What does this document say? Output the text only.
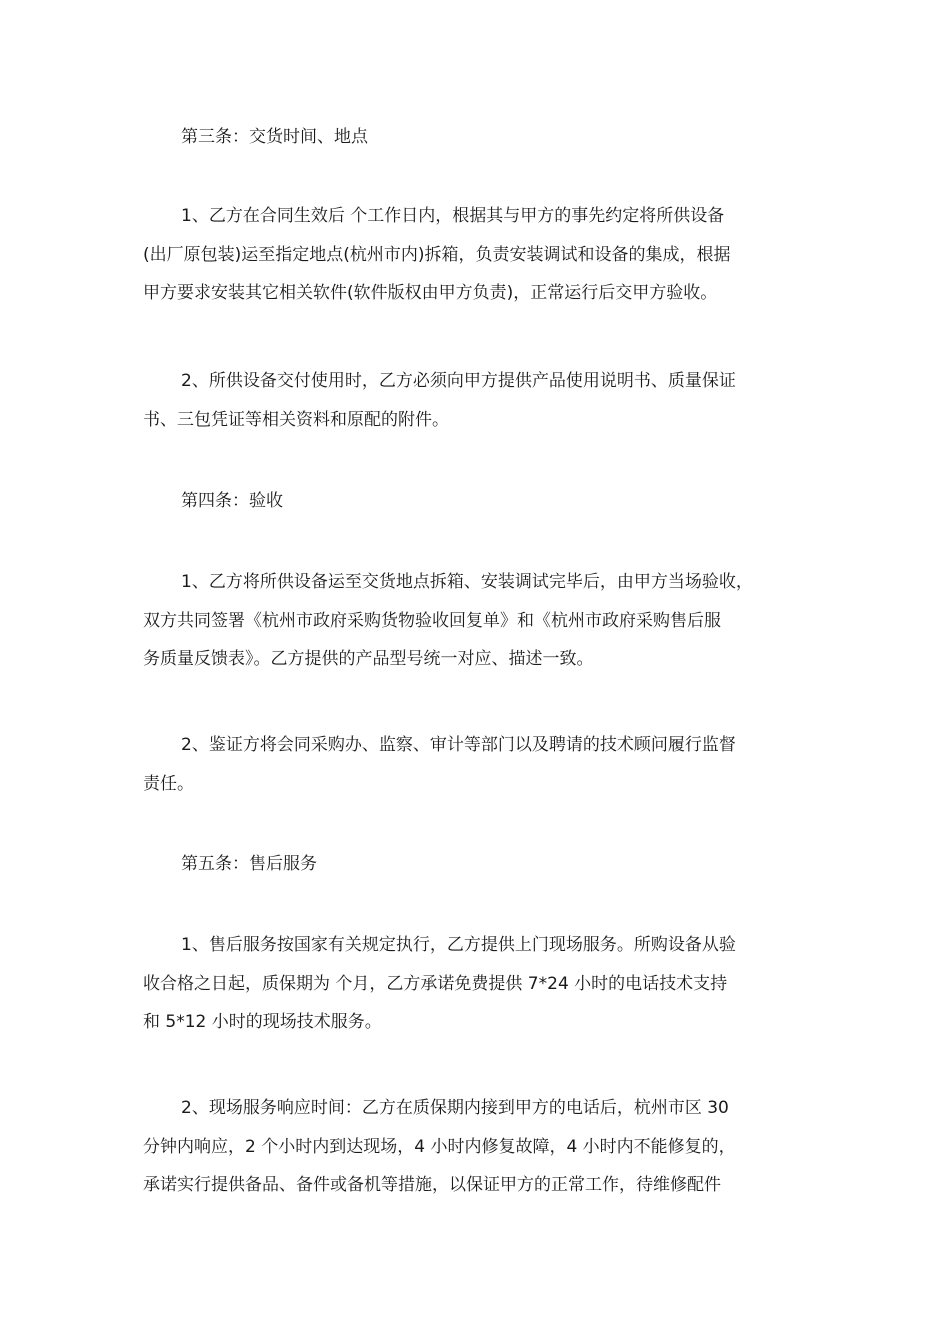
第三条：交货时间、地点

1、乙方在合同生效后 个工作日内，根据其与甲方的事先约定将所供设备
(出厂原包装)运至指定地点(杭州市内)拆箱，负责安装调试和设备的集成，根据
甲方要求安装其它相关软件(软件版权由甲方负责)，正常运行后交甲方验收。

2、所供设备交付使用时，乙方必须向甲方提供产品使用说明书、质量保证
书、三包凭证等相关资料和原配的附件。

第四条：验收

1、乙方将所供设备运至交货地点拆箱、安装调试完毕后，由甲方当场验收，
双方共同签署《杭州市政府采购货物验收回复单》和《杭州市政府采购售后服
务质量反馈表》。乙方提供的产品型号统一对应、描述一致。

2、鉴证方将会同采购办、监察、审计等部门以及聘请的技术顾问履行监督
责任。

第五条：售后服务

1、售后服务按国家有关规定执行，乙方提供上门现场服务。所购设备从验
收合格之日起，质保期为 个月，乙方承诺免费提供 7*24 小时的电话技术支持
和 5*12 小时的现场技术服务。

2、现场服务响应时间：乙方在质保期内接到甲方的电话后，杭州市区 30
分钟内响应，2 个小时内到达现场，4 小时内修复故障，4 小时内不能修复的，
承诺实行提供备品、备件或备机等措施，以保证甲方的正常工作，待维修配件
